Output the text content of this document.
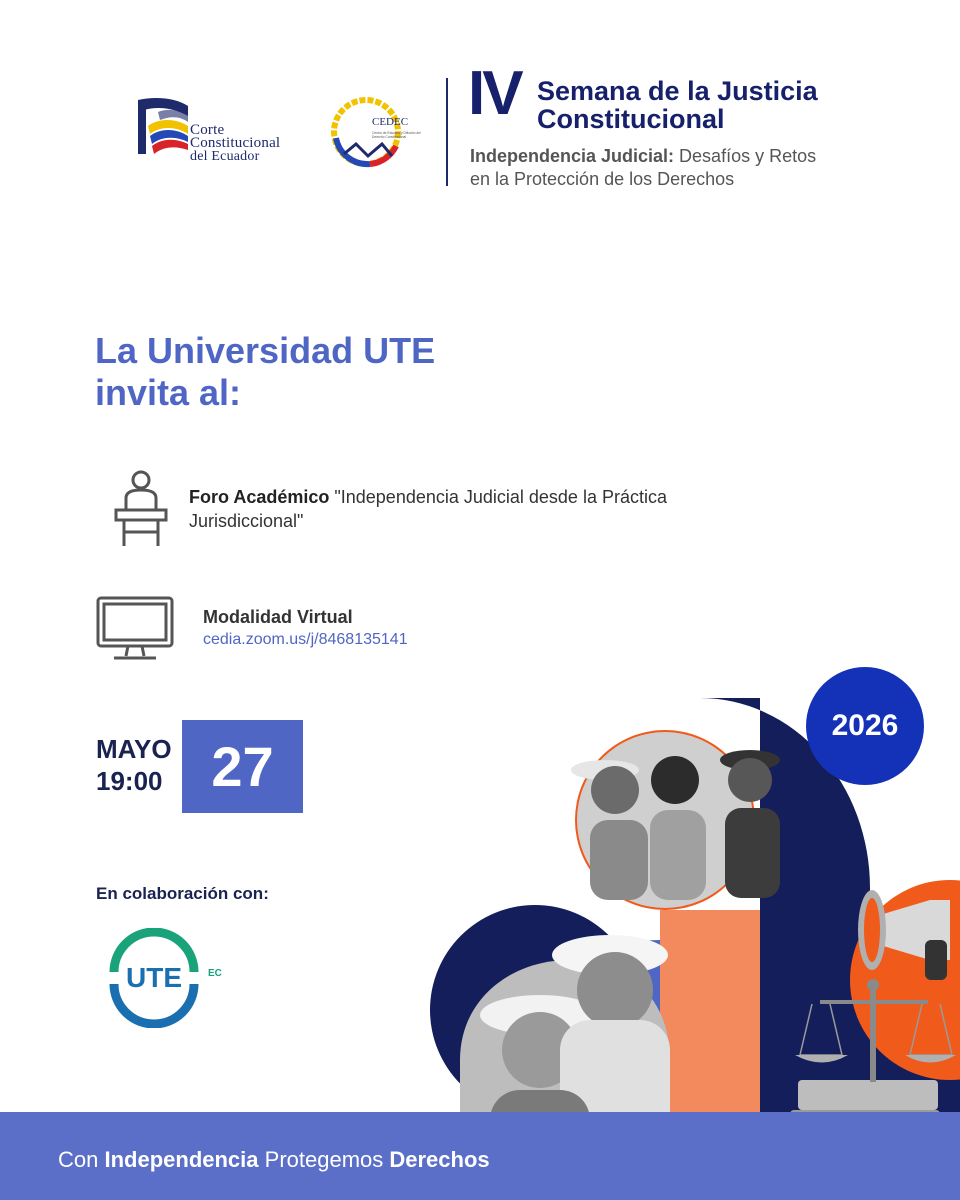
Corte
Constitucional
del Ecuador
CEDEC
Centro de Estudios y Difusión del Derecho Constitucional
IV Semana de la Justicia
Constitucional
Independencia Judicial: Desafíos y Retos
en la Protección de los Derechos
La Universidad UTE
invita al:
Foro Académico "Independencia Judicial desde la Práctica Jurisdiccional"
Modalidad Virtual
cedia.zoom.us/j/8468135141
MAYO
19:00 27
En colaboración con:
UTE	EC
2026
Con Independencia Protegemos Derechos
